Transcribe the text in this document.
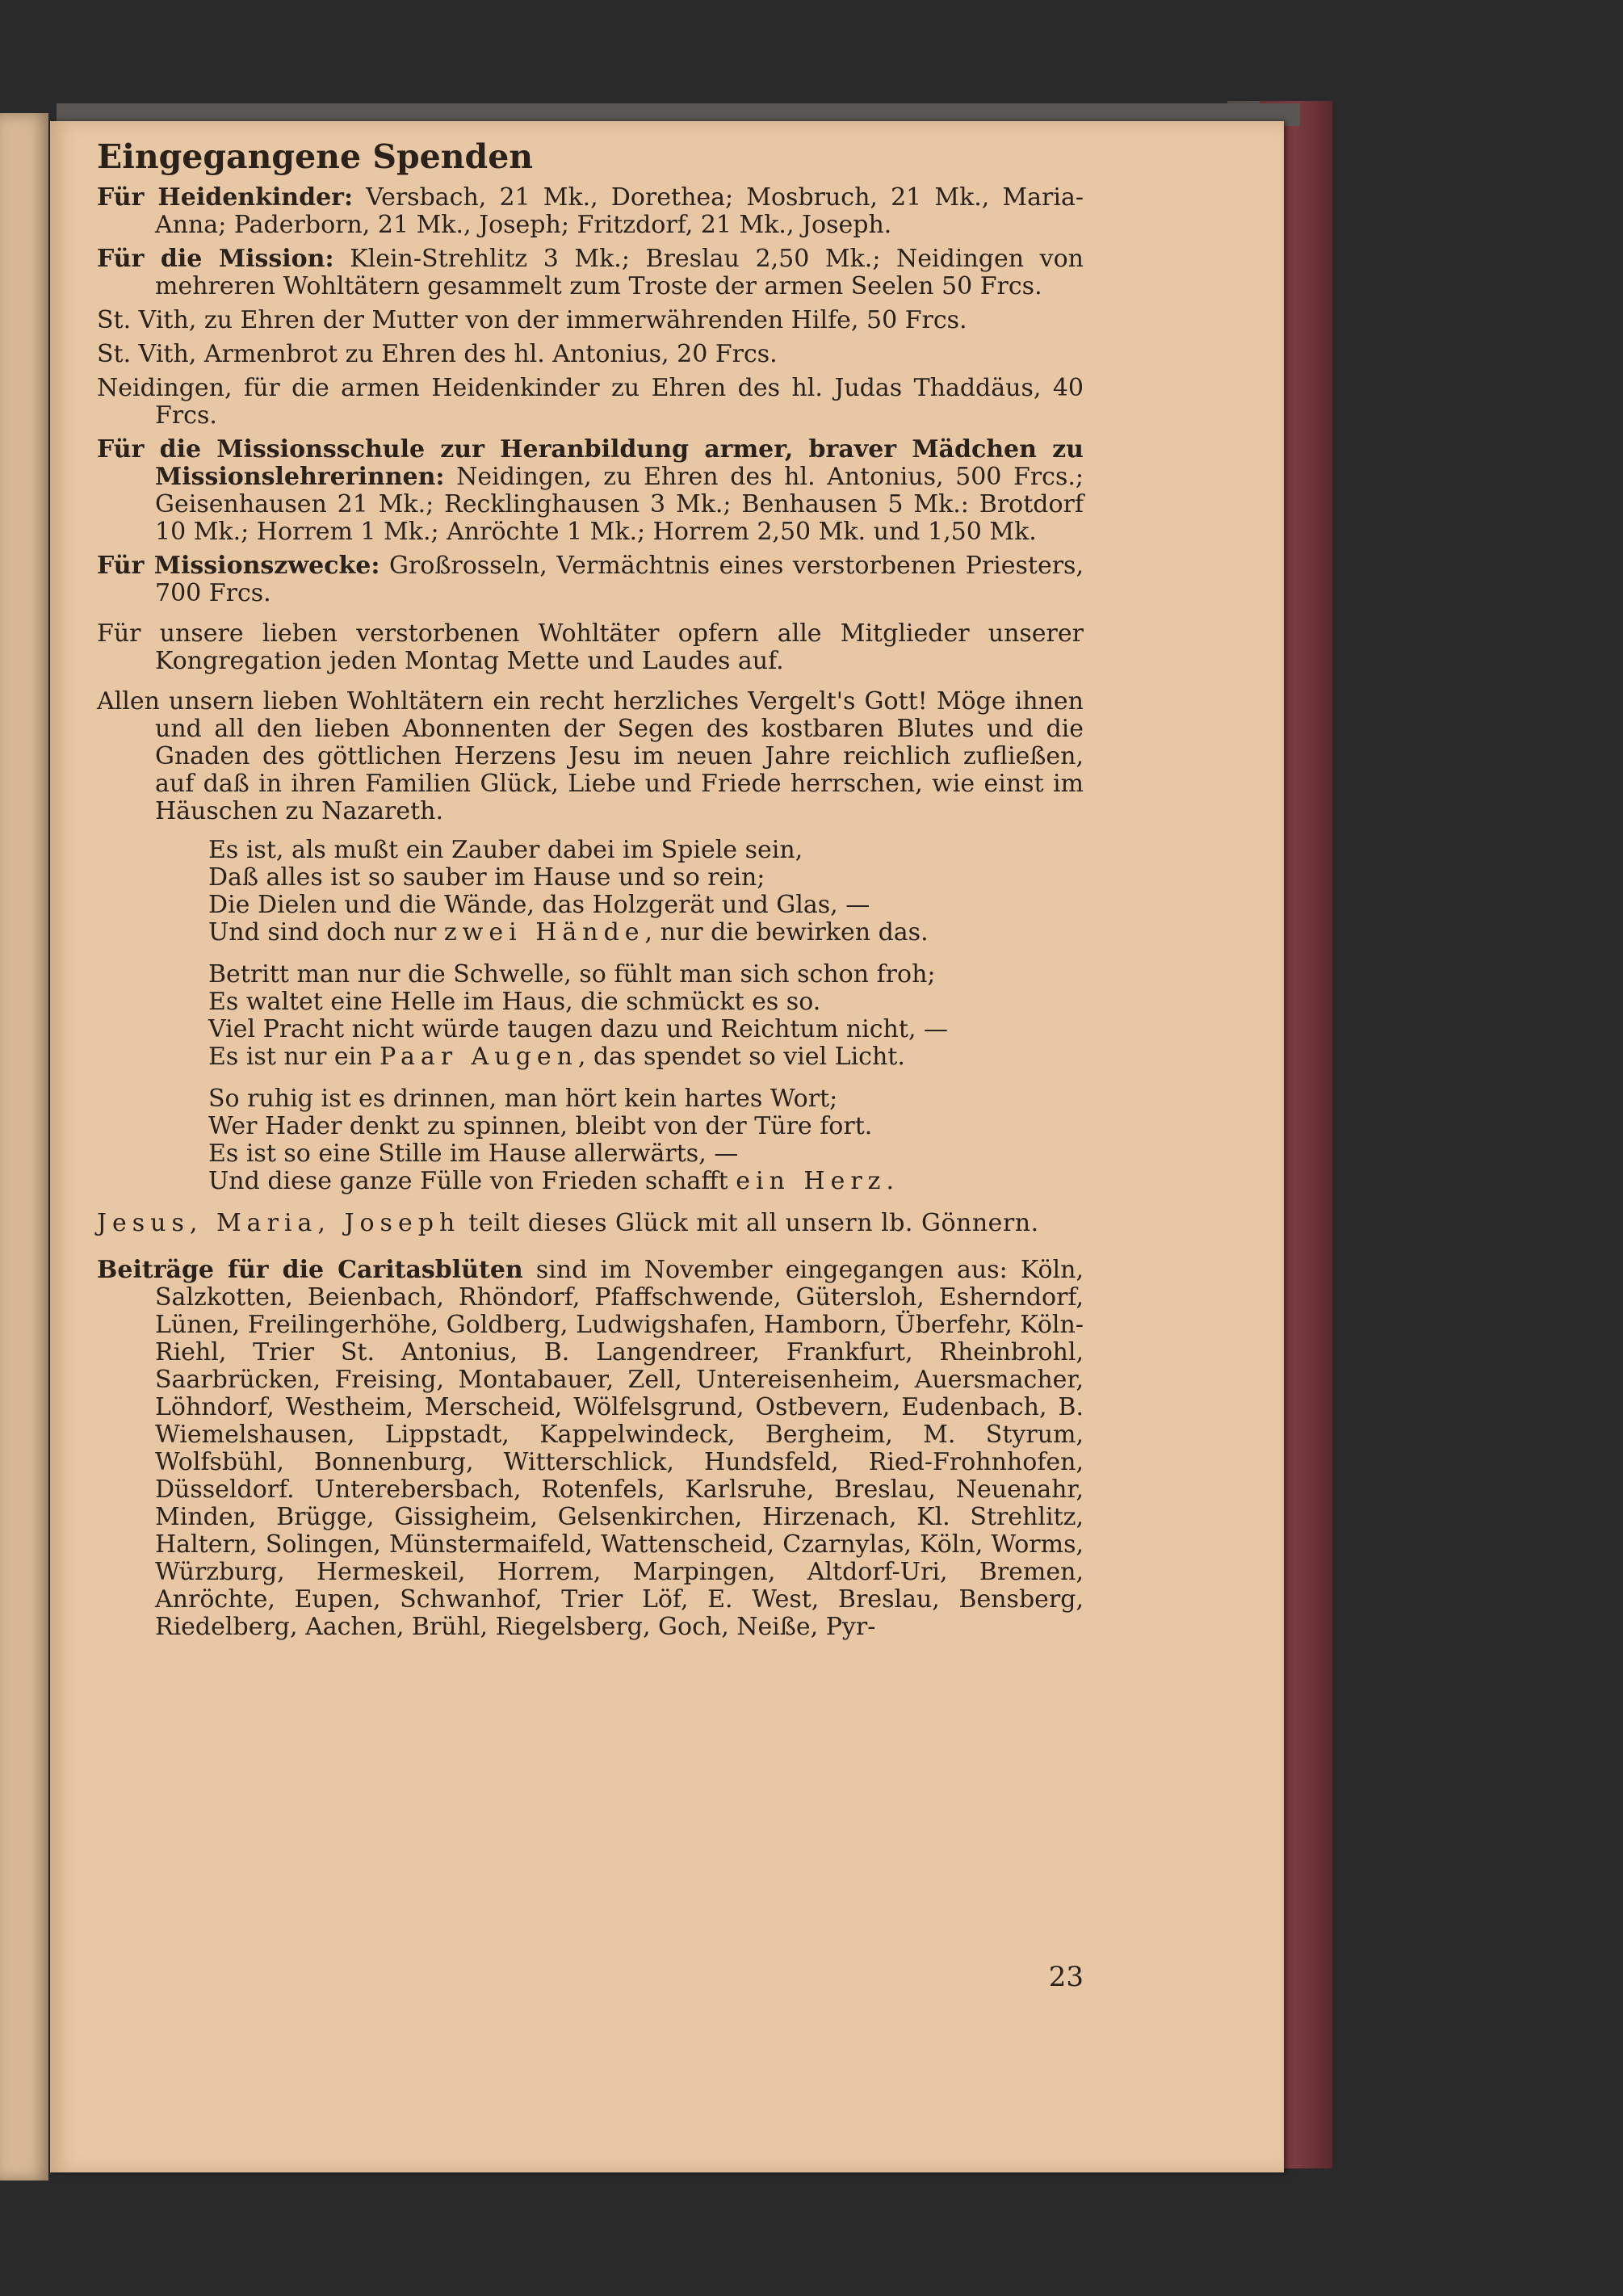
Eingegangene Spenden

Für Heidenkinder: Versbach, 21 Mk., Dorethea; Mosbruch, 21 Mk., Maria-Anna; Paderborn, 21 Mk., Joseph; Fritzdorf, 21 Mk., Joseph.

Für die Mission: Klein-Strehlitz 3 Mk.; Breslau 2,50 Mk.; Neidingen von mehreren Wohltätern gesammelt zum Troste der armen Seelen 50 Frcs.

St. Vith, zu Ehren der Mutter von der immerwährenden Hilfe, 50 Frcs.

St. Vith, Armenbrot zu Ehren des hl. Antonius, 20 Frcs.

Neidingen, für die armen Heidenkinder zu Ehren des hl. Judas Thaddäus, 40 Frcs.

Für die Missionsschule zur Heranbildung armer, braver Mädchen zu Missionslehrerinnen: Neidingen, zu Ehren des hl. Antonius, 500 Frcs.; Geisenhausen 21 Mk.; Recklinghausen 3 Mk.; Benhausen 5 Mk.: Brotdorf 10 Mk.; Horrem 1 Mk.; Anröchte 1 Mk.; Horrem 2,50 Mk. und 1,50 Mk.

Für Missionszwecke: Großrosseln, Vermächtnis eines verstorbenen Priesters, 700 Frcs.

Für unsere lieben verstorbenen Wohltäter opfern alle Mitglieder unserer Kongregation jeden Montag Mette und Laudes auf.

Allen unsern lieben Wohltätern ein recht herzliches Vergelt's Gott! Möge ihnen und all den lieben Abonnenten der Segen des kostbaren Blutes und die Gnaden des göttlichen Herzens Jesu im neuen Jahre reichlich zufließen, auf daß in ihren Familien Glück, Liebe und Friede herrschen, wie einst im Häuschen zu Nazareth.

Es ist, als mußt ein Zauber dabei im Spiele sein,
Daß alles ist so sauber im Hause und so rein;
Die Dielen und die Wände, das Holzgerät und Glas, —
Und sind doch nur zwei Hände, nur die bewirken das.
Betritt man nur die Schwelle, so fühlt man sich schon froh;
Es waltet eine Helle im Haus, die schmückt es so.
Viel Pracht nicht würde taugen dazu und Reichtum nicht, —
Es ist nur ein Paar Augen, das spendet so viel Licht.
So ruhig ist es drinnen, man hört kein hartes Wort;
Wer Hader denkt zu spinnen, bleibt von der Türe fort.
Es ist so eine Stille im Hause allerwärts, —
Und diese ganze Fülle von Frieden schafft ein Herz.

Jesus, Maria, Joseph teilt dieses Glück mit all unsern lb. Gönnern.

Beiträge für die Caritasblüten sind im November eingegangen aus: Köln, Salzkotten, Beienbach, Rhöndorf, Pfaffschwende, Gütersloh, Esherndorf, Lünen, Freilingerhöhe, Goldberg, Ludwigshafen, Hamborn, Überfehr, Köln-Riehl, Trier St. Antonius, B. Langendreer, Frankfurt, Rheinbrohl, Saarbrücken, Freising, Montabauer, Zell, Untereisenheim, Auersmacher, Löhndorf, Westheim, Merscheid, Wölfelsgrund, Ostbevern, Eudenbach, B. Wiemelshausen, Lippstadt, Kappelwindeck, Bergheim, M. Styrum, Wolfsbühl, Bonnenburg, Witterschlick, Hundsfeld, Ried-Frohnhofen, Düsseldorf. Unterebersbach, Rotenfels, Karlsruhe, Breslau, Neuenahr, Minden, Brügge, Gissigheim, Gelsenkirchen, Hirzenach, Kl. Strehlitz, Haltern, Solingen, Münstermaifeld, Wattenscheid, Czarnylas, Köln, Worms, Würzburg, Hermeskeil, Horrem, Marpingen, Altdorf-Uri, Bremen, Anröchte, Eupen, Schwanhof, Trier Löf, E. West, Breslau, Bensberg, Riedelberg, Aachen, Brühl, Riegelsberg, Goch, Neiße, Pyr-

23
